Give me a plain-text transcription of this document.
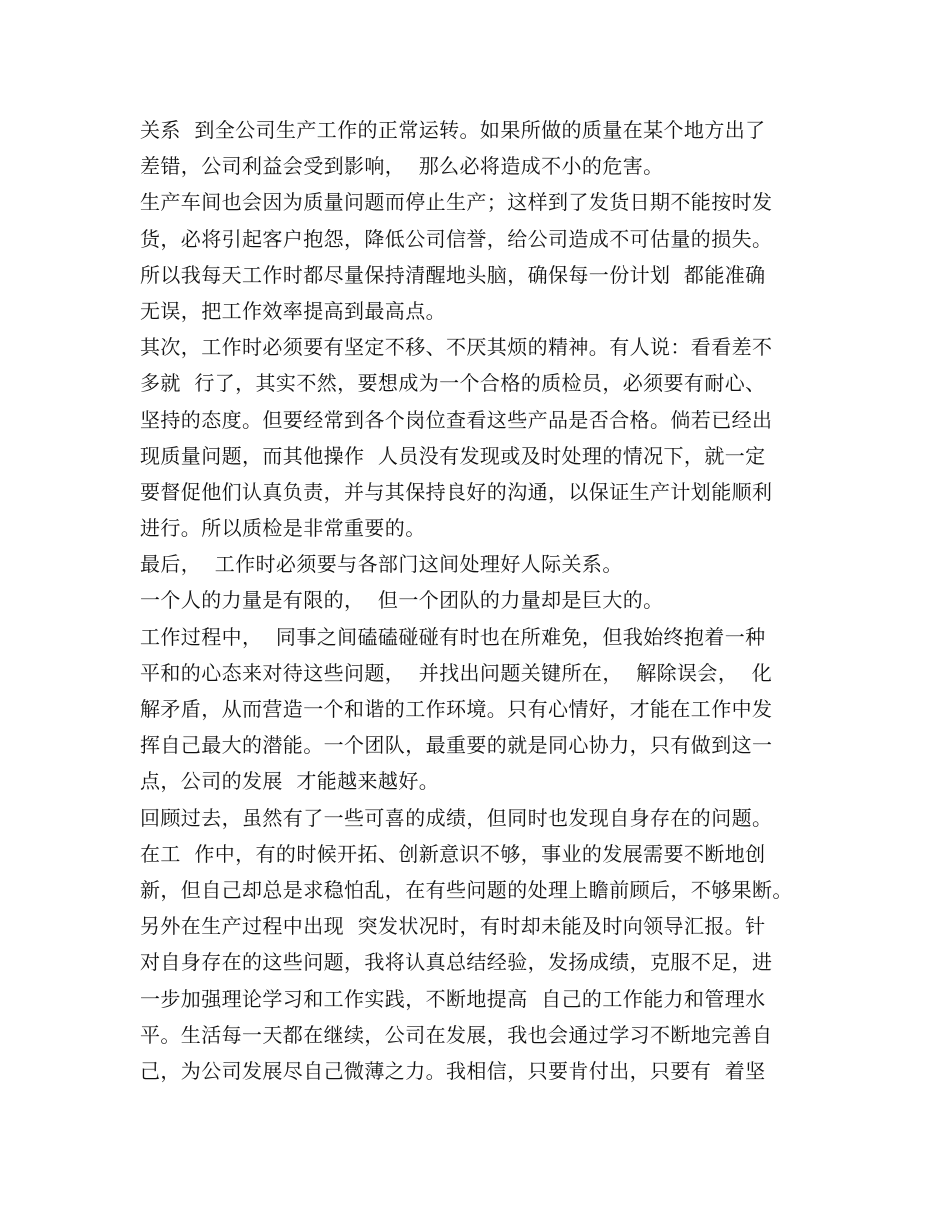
关系  到全公司生产工作的正常运转。如果所做的质量在某个地方出了
差错，公司利益会受到影响，  那么必将造成不小的危害。
生产车间也会因为质量问题而停止生产；这样到了发货日期不能按时发
货，必将引起客户抱怨，降低公司信誉，给公司造成不可估量的损失。
所以我每天工作时都尽量保持清醒地头脑，确保每一份计划  都能准确
无误，把工作效率提高到最高点。
其次，工作时必须要有坚定不移、不厌其烦的精神。有人说：看看差不
多就  行了，其实不然，要想成为一个合格的质检员，必须要有耐心、
坚持的态度。但要经常到各个岗位查看这些产品是否合格。倘若已经出
现质量问题，而其他操作  人员没有发现或及时处理的情况下，就一定
要督促他们认真负责，并与其保持良好的沟通，以保证生产计划能顺利
进行。所以质检是非常重要的。
最后，  工作时必须要与各部门这间处理好人际关系。
一个人的力量是有限的，  但一个团队的力量却是巨大的。
工作过程中，  同事之间磕磕碰碰有时也在所难免，但我始终抱着一种
平和的心态来对待这些问题，  并找出问题关键所在，  解除误会，  化
解矛盾，从而营造一个和谐的工作环境。只有心情好，才能在工作中发
挥自己最大的潜能。一个团队，最重要的就是同心协力，只有做到这一
点，公司的发展  才能越来越好。
回顾过去，虽然有了一些可喜的成绩，但同时也发现自身存在的问题。
在工  作中，有的时候开拓、创新意识不够，事业的发展需要不断地创
新，但自己却总是求稳怕乱，在有些问题的处理上瞻前顾后，不够果断。
另外在生产过程中出现  突发状况时，有时却未能及时向领导汇报。针
对自身存在的这些问题，我将认真总结经验，发扬成绩，克服不足，进
一步加强理论学习和工作实践，不断地提高  自己的工作能力和管理水
平。生活每一天都在继续，公司在发展，我也会通过学习不断地完善自
己，为公司发展尽自己微薄之力。我相信，只要肯付出，只要有  着坚
